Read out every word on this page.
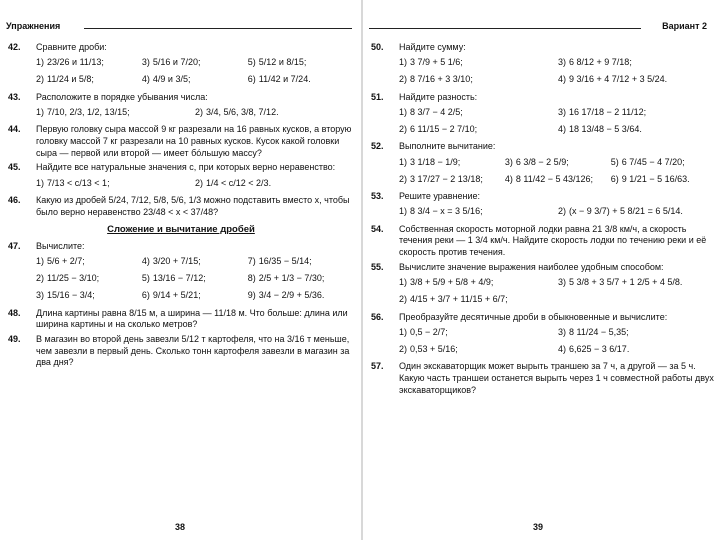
Упражнения
42.	Сравните дроби:
1) 23/26 и 11/13;	3) 5/16 и 7/20;	5) 5/12 и 8/15;
2) 11/24 и 5/8;	4) 4/9 и 3/5;	6) 11/42 и 7/24.
43.	Расположите в порядке убывания числа:
1) 7/10, 2/3, 1/2, 13/15;	2) 3/4, 5/6, 3/8, 7/12.
44.	Первую головку сыра массой 9 кг разрезали на 16 равных кусков, а вторую головку массой 7 кг разрезали на 10 равных кусков. Кусок какой головки сыра — первой или второй — имеет бо́льшую массу?
45.	Найдите все натуральные значения c, при которых верно неравенство:
1) 7/13 < c/13 < 1;	2) 1/4 < c/12 < 2/3.
46.	Какую из дробей 5/24, 7/12, 5/8, 5/6, 1/3 можно подставить вместо x, чтобы было верно неравенство 23/48 < x < 37/48?
Сложение и вычитание дробей
47.	Вычислите:
1) 5/6 + 2/7;	4) 3/20 + 7/15;	7) 16/35 − 5/14;
2) 11/25 − 3/10;	5) 13/16 − 7/12;	8) 2/5 + 1/3 − 7/30;
3) 15/16 − 3/4;	6) 9/14 + 5/21;	9) 3/4 − 2/9 + 5/36.
48.	Длина картины равна 8/15 м, а ширина — 11/18 м. Что больше: длина или ширина картины и на сколько метров?
49.	В магазин во второй день завезли 5/12 т картофеля, что на 3/16 т меньше, чем завезли в первый день. Сколько тонн картофеля завезли в магазин за два дня?
38
Вариант 2
50.	Найдите сумму:
1) 3 7/9 + 5 1/6;	3) 6 8/12 + 9 7/18;
2) 8 7/16 + 3 3/10;	4) 9 3/16 + 4 7/12 + 3 5/24.
51.	Найдите разность:
1) 8 3/7 − 4 2/5;	3) 16 17/18 − 2 11/12;
2) 6 11/15 − 2 7/10;	4) 18 13/48 − 5 3/64.
52.	Выполните вычитание:
1) 3 1/18 − 1/9;	3) 6 3/8 − 2 5/9;	5) 6 7/45 − 4 7/20;
2) 3 17/27 − 2 13/18; 4) 8 11/42 − 5 43/126; 6) 9 1/21 − 5 16/63.
53.	Решите уравнение:
1) 8 3/4 − x = 3 5/16;	2) (x − 9 3/7) + 5 8/21 = 6 5/14.
54.	Собственная скорость моторной лодки равна 21 3/8 км/ч, а скорость течения реки — 1 3/4 км/ч. Найдите скорость лодки по течению реки и её скорость против течения.
55.	Вычислите значение выражения наиболее удобным способом:
1) 3/8 + 5/9 + 5/8 + 4/9;	3) 5 3/8 + 3 5/7 + 1 2/5 + 4 5/8.
2) 4/15 + 3/7 + 11/15 + 6/7;
56.	Преобразуйте десятичные дроби в обыкновенные и вычислите:
1) 0,5 − 2/7;	3) 8 11/24 − 5,35;
2) 0,53 + 5/16;	4) 6,625 − 3 6/17.
57.	Один экскаваторщик может вырыть траншею за 7 ч, а другой — за 5 ч. Какую часть траншеи останется вырыть через 1 ч совместной работы двух экскаваторщиков?
39
